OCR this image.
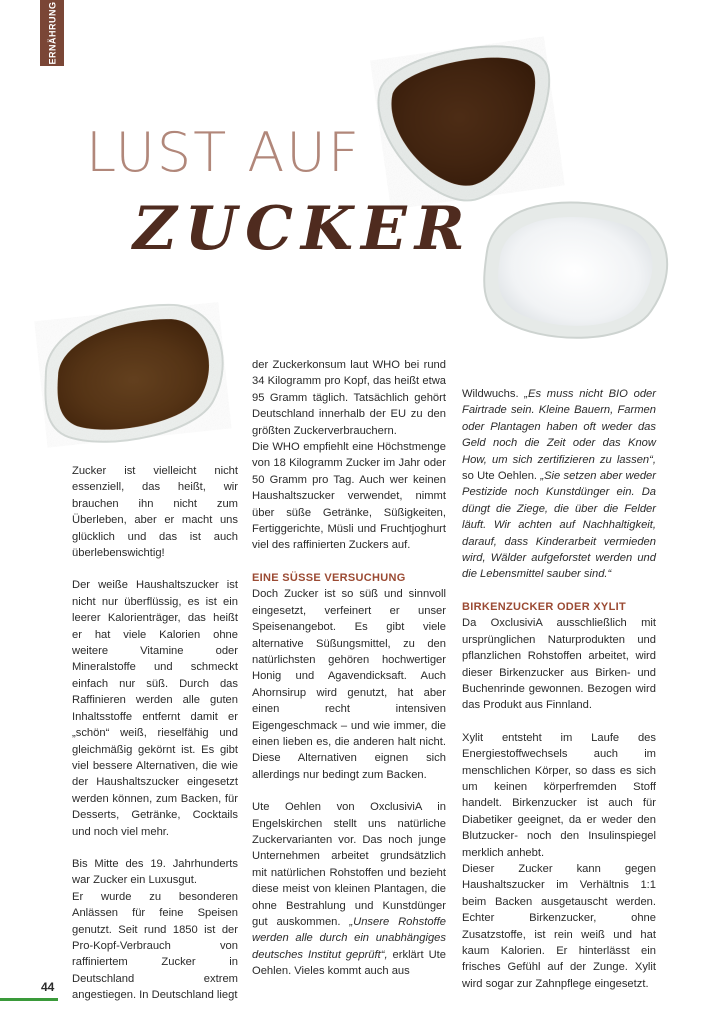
ERNÄHRUNG
LUST AUF
ZUCKER

Zucker ist vielleicht nicht essenziell, das heißt, wir brauchen ihn nicht zum Überleben, aber er macht uns glücklich und das ist auch überlebenswichtig!

Der weiße Haushaltszucker ist nicht nur überflüssig, es ist ein leerer Kalorienträger, das heißt er hat viele Kalorien ohne weitere Vitamine oder Mineralstoffe und schmeckt einfach nur süß. Durch das Raffinieren werden alle guten Inhaltsstoffe entfernt damit er „schön“ weiß, rieselfähig und gleichmäßig gekörnt ist. Es gibt viel bessere Alternativen, die wie der Haushaltszucker eingesetzt werden können, zum Backen, für Desserts, Getränke, Cocktails und noch viel mehr.

Bis Mitte des 19. Jahrhunderts war Zucker ein Luxusgut.

Er wurde zu besonderen Anlässen für feine Speisen genutzt. Seit rund 1850 ist der Pro-Kopf-Verbrauch von raffiniertem Zucker in Deutschland extrem angestiegen. In Deutschland liegt

der Zuckerkonsum laut WHO bei rund 34 Kilogramm pro Kopf, das heißt etwa 95 Gramm täglich. Tatsächlich gehört Deutschland innerhalb der EU zu den größten Zuckerverbrauchern.

Die WHO empfiehlt eine Höchstmenge von 18 Kilogramm Zucker im Jahr oder 50 Gramm pro Tag. Auch wer keinen Haushaltszucker verwendet, nimmt über süße Getränke, Süßigkeiten, Fertiggerichte, Müsli und Fruchtjoghurt viel des raffinierten Zuckers auf.

EINE SÜSSE VERSUCHUNG

Doch Zucker ist so süß und sinnvoll eingesetzt, verfeinert er unser Speisenangebot. Es gibt viele alternative Süßungsmittel, zu den natürlichsten gehören hochwertiger Honig und Agavendicksaft. Auch Ahornsirup wird genutzt, hat aber einen recht intensiven Eigengeschmack – und wie immer, die einen lieben es, die anderen halt nicht. Diese Alternativen eignen sich allerdings nur bedingt zum Backen.

Ute Oehlen von OxclusiviA in Engelskirchen stellt uns natürliche Zuckervarianten vor. Das noch junge Unternehmen arbeitet grundsätzlich mit natürlichen Rohstoffen und bezieht diese meist von kleinen Plantagen, die ohne Bestrahlung und Kunstdünger gut auskommen. „Unsere Rohstoffe werden alle durch ein unabhängiges deutsches Institut geprüft“, erklärt Ute Oehlen. Vieles kommt auch aus

Wildwuchs. „Es muss nicht BIO oder Fairtrade sein. Kleine Bauern, Farmen oder Plantagen haben oft weder das Geld noch die Zeit oder das Know How, um sich zertifizieren zu lassen“, so Ute Oehlen. „Sie setzen aber weder Pestizide noch Kunstdünger ein. Da düngt die Ziege, die über die Felder läuft. Wir achten auf Nachhaltigkeit, darauf, dass Kinderarbeit vermieden wird, Wälder aufgeforstet werden und die Lebensmittel sauber sind.“

BIRKENZUCKER ODER XYLIT

Da OxclusiviA ausschließlich mit ursprünglichen Naturprodukten und pflanzlichen Rohstoffen arbeitet, wird dieser Birkenzucker aus Birken- und Buchenrinde gewonnen. Bezogen wird das Produkt aus Finnland.

Xylit entsteht im Laufe des Energiestoffwechsels auch im menschlichen Körper, so dass es sich um keinen körperfremden Stoff handelt. Birkenzucker ist auch für Diabetiker geeignet, da er weder den Blutzucker- noch den Insulinspiegel merklich anhebt.

Dieser Zucker kann gegen Haushaltszucker im Verhältnis 1:1 beim Backen ausgetauscht werden. Echter Birkenzucker, ohne Zusatzstoffe, ist rein weiß und hat kaum Kalorien. Er hinterlässt ein frisches Gefühl auf der Zunge. Xylit wird sogar zur Zahnpflege eingesetzt.

44
